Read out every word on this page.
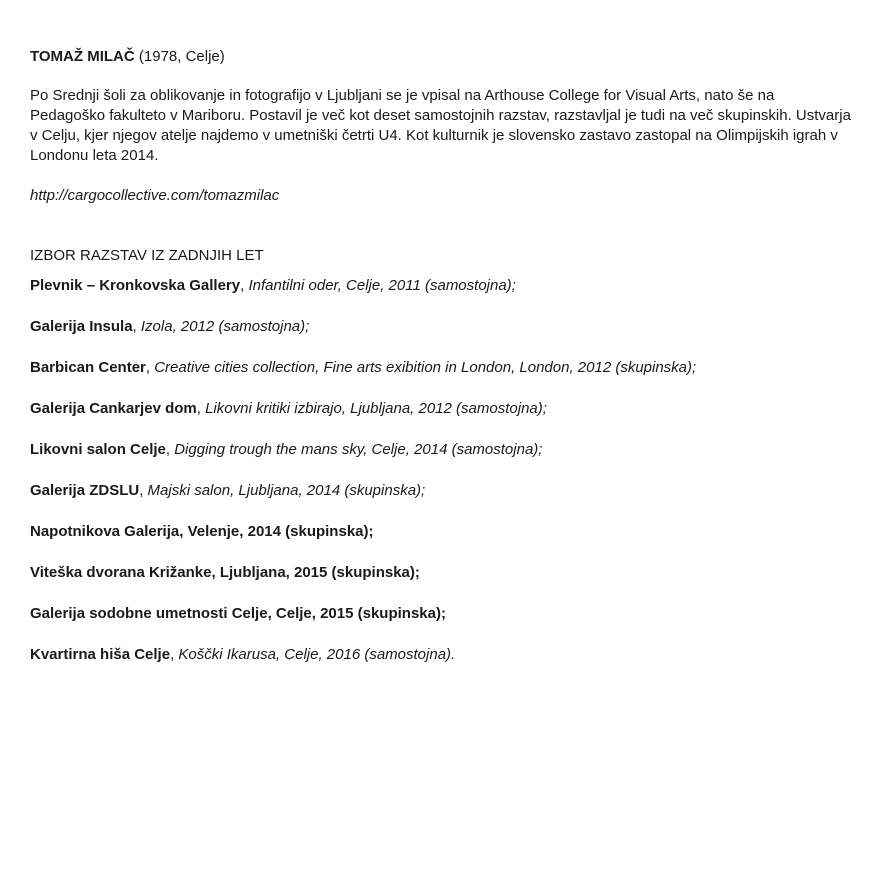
TOMAŽ MILAČ (1978, Celje)

Po Srednji šoli za oblikovanje in fotografijo v Ljubljani se je vpisal na Arthouse College for Visual Arts, nato še na Pedagoško fakulteto v Mariboru. Postavil je več kot deset samostojnih razstav, razstavljal je tudi na več skupinskih. Ustvarja v Celju, kjer njegov atelje najdemo v umetniški četrti U4. Kot kulturnik je slovensko zastavo zastopal na Olimpijskih igrah v Londonu leta 2014.

http://cargocollective.com/tomazmilac

IZBOR RAZSTAV IZ ZADNJIH LET

Plevnik – Kronkovska Gallery, Infantilni oder, Celje, 2011 (samostojna);
Galerija Insula, Izola, 2012 (samostojna);
Barbican Center, Creative cities collection, Fine arts exibition in London, London, 2012 (skupinska);
Galerija Cankarjev dom, Likovni kritiki izbirajo, Ljubljana, 2012 (samostojna);
Likovni salon Celje, Digging trough the mans sky, Celje, 2014 (samostojna);
Galerija ZDSLU, Majski salon, Ljubljana, 2014 (skupinska);
Napotnikova Galerija, Velenje, 2014 (skupinska);
Viteška dvorana Križanke, Ljubljana, 2015 (skupinska);
Galerija sodobne umetnosti Celje, Celje, 2015 (skupinska);
Kvartirna hiša Celje, Koščki Ikarusa, Celje, 2016 (samostojna).
